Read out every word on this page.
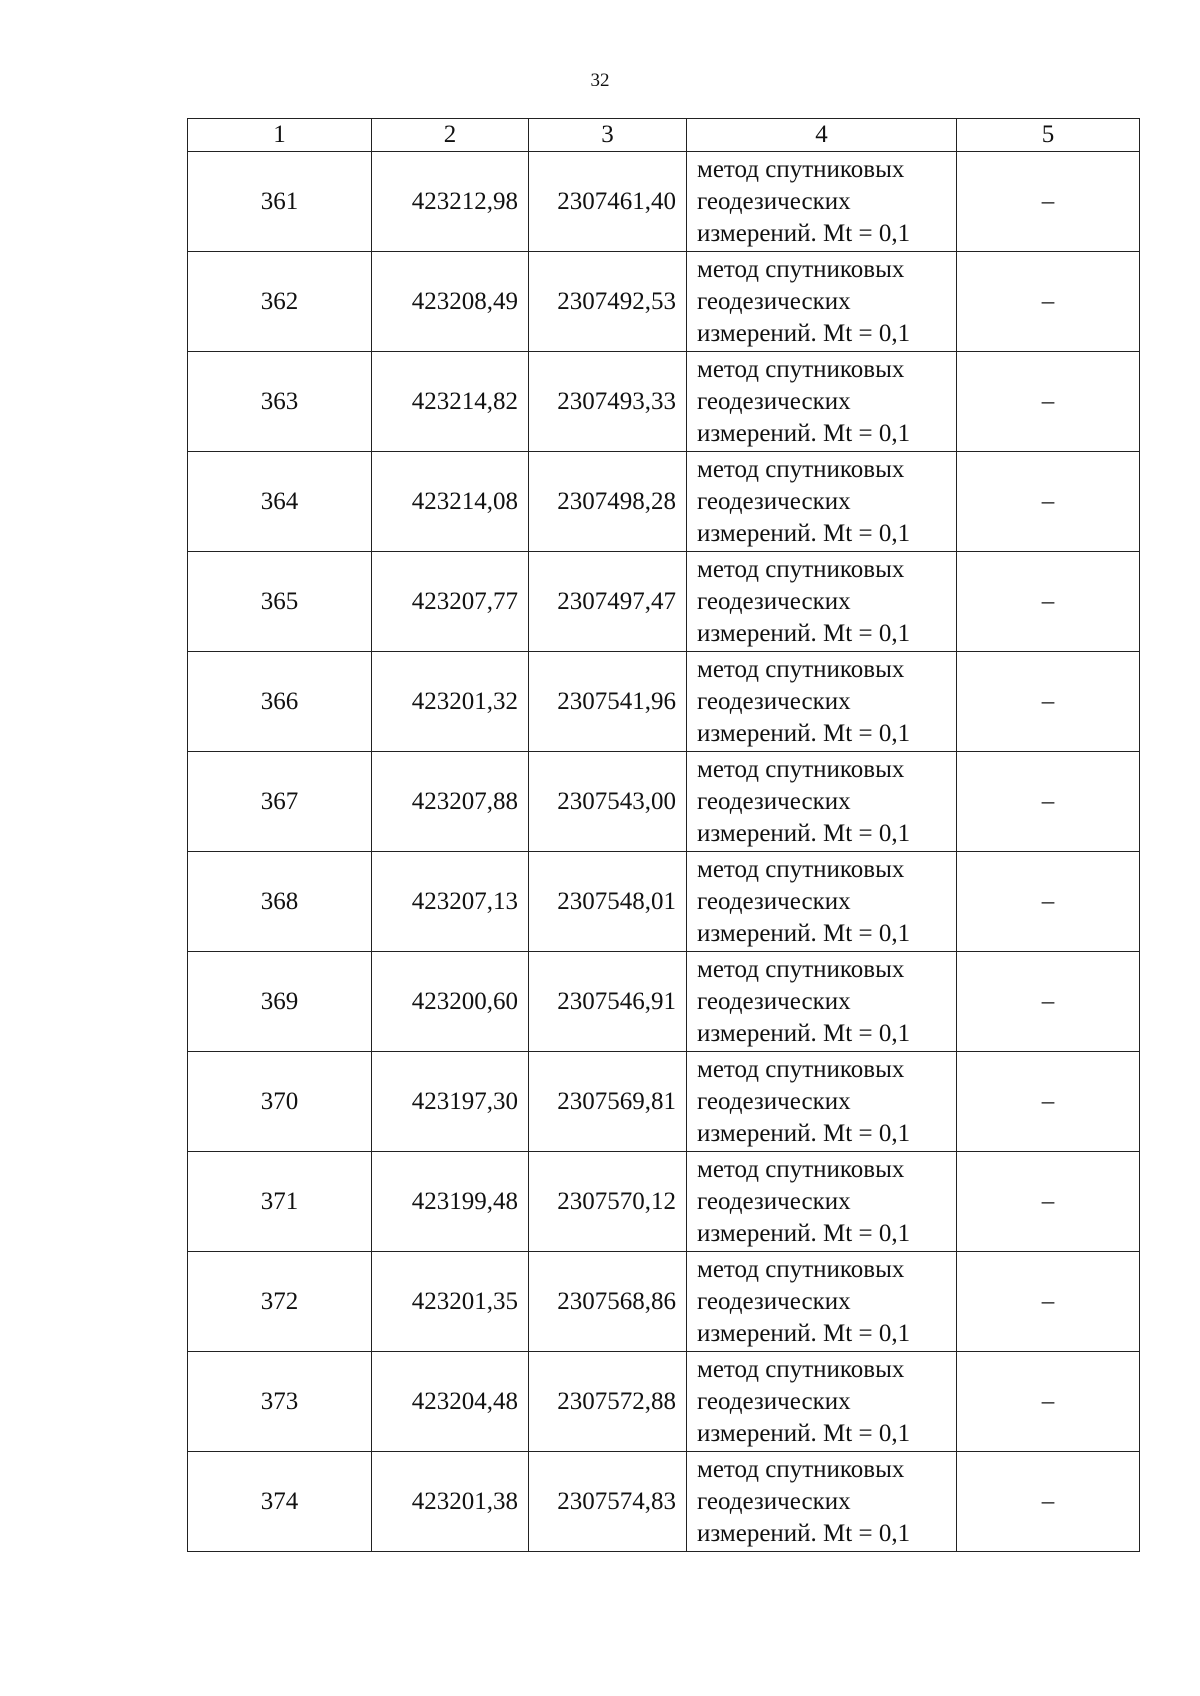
32
1	2	3	4	5
361	423212,98	2307461,40	метод спутниковых
геодезических
измерений. Mt = 0,1	–
362	423208,49	2307492,53	метод спутниковых
геодезических
измерений. Mt = 0,1	–
363	423214,82	2307493,33	метод спутниковых
геодезических
измерений. Mt = 0,1	–
364	423214,08	2307498,28	метод спутниковых
геодезических
измерений. Mt = 0,1	–
365	423207,77	2307497,47	метод спутниковых
геодезических
измерений. Mt = 0,1	–
366	423201,32	2307541,96	метод спутниковых
геодезических
измерений. Mt = 0,1	–
367	423207,88	2307543,00	метод спутниковых
геодезических
измерений. Mt = 0,1	–
368	423207,13	2307548,01	метод спутниковых
геодезических
измерений. Mt = 0,1	–
369	423200,60	2307546,91	метод спутниковых
геодезических
измерений. Mt = 0,1	–
370	423197,30	2307569,81	метод спутниковых
геодезических
измерений. Mt = 0,1	–
371	423199,48	2307570,12	метод спутниковых
геодезических
измерений. Mt = 0,1	–
372	423201,35	2307568,86	метод спутниковых
геодезических
измерений. Mt = 0,1	–
373	423204,48	2307572,88	метод спутниковых
геодезических
измерений. Mt = 0,1	–
374	423201,38	2307574,83	метод спутниковых
геодезических
измерений. Mt = 0,1	–
